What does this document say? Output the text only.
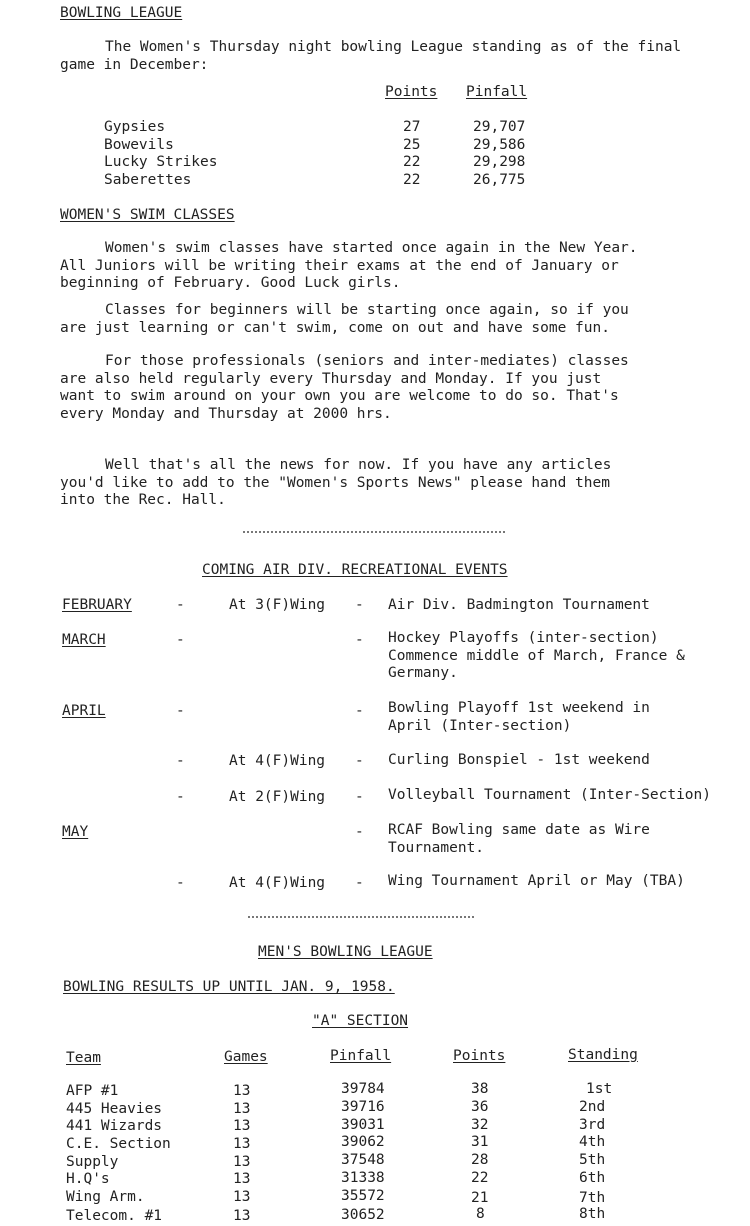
BOWLING LEAGUE
The Women's Thursday night bowling League standing as of the final game in December:
Points Pinfall
Gypsies	27	29,707
Bowevils	25	29,586
Lucky Strikes	22	29,298
Saberettes	22	26,775
WOMEN'S SWIM CLASSES
Women's swim classes have started once again in the New Year. All Juniors will be writing their exams at the end of January or beginning of February. Good Luck girls.
Classes for beginners will be starting once again, so if you are just learning or can't swim, come on out and have some fun.
For those professionals (seniors and inter-mediates) classes are also held regularly every Thursday and Monday. If you just want to swim around on your own you are welcome to do so. That's every Monday and Thursday at 2000 hrs.
Well that's all the news for now. If you have any articles you'd like to add to the "Women's Sports News" please hand them into the Rec. Hall.
COMING AIR DIV. RECREATIONAL EVENTS
FEBRUARY	-	At 3(F)Wing - Air Div. Badmington Tournament
MARCH	-	- Hockey Playoffs (inter-section) Commence middle of March, France & Germany.
APRIL	-	- Bowling Playoff 1st weekend in April (Inter-section)
-	At 4(F)Wing - Curling Bonspiel - 1st weekend
-	At 2(F)Wing - Volleyball Tournament (Inter-Section)
MAY	- RCAF Bowling same date as Wire Tournament.
-	At 4(F)Wing - Wing Tournament April or May (TBA)
MEN'S BOWLING LEAGUE
BOWLING RESULTS UP UNTIL JAN. 9, 1958.
"A" SECTION
Team	Games	Pinfall	Points	Standing
AFP #1	13	39784	38	1st
445 Heavies	13	39716	36	2nd
441 Wizards	13	39031	32	3rd
C.E. Section	13	39062	31	4th
Supply	13	37548	28	5th
H.Q's	13	31338	22	6th
Wing Arm.	13	35572	21	7th
Telecom. #1	13	30652	8	8th
